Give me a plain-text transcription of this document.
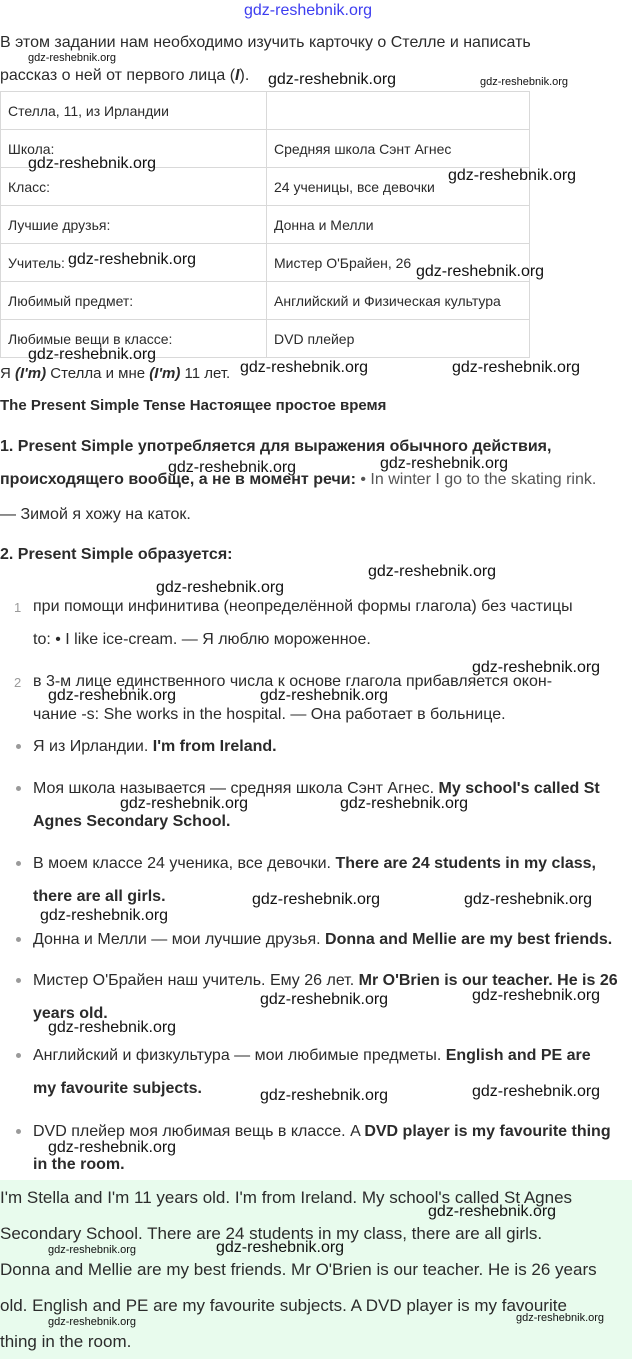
gdz-reshebnik.org
В этом задании нам необходимо изучить карточку о Стелле и написать
рассказ о ней от первого лица (I).
Стелла, 11, из Ирландии	
Школа:	Средняя школа Сэнт Агнес
Класс:	24 ученицы, все девочки
Лучшие друзья:	Донна и Мелли
Учитель:	Мистер О'Брайен, 26
Любимый предмет:	Английский и Физическая культура
Любимые вещи в классе:	DVD плейер
Я (I'm) Стелла и мне (I'm) 11 лет.
The Present Simple Tense Настоящее простое время
1. Present Simple употребляется для выражения обычного действия,
происходящего вообще, а не в момент речи: • In winter I go to the skating rink.
— Зимой я хожу на каток.
2. Present Simple образуется:
1 при помощи инфинитива (неопределённой формы глагола) без частицы
to: • I like ice-cream. — Я люблю мороженное.
2 в 3-м лице единственного числа к основе глагола прибавляется окон-
чание -s: She works in the hospital. — Она работает в больнице.
Я из Ирландии. I'm from Ireland.
Моя школа называется — средняя школа Сэнт Агнес. My school's called St
Agnes Secondary School.
В моем классе 24 ученика, все девочки. There are 24 students in my class,
there are all girls.
Донна и Мелли — мои лучшие друзья. Donna and Mellie are my best friends.
Мистер О'Брайен наш учитель. Ему 26 лет. Mr O'Brien is our teacher. He is 26
years old.
Английский и физкультура — мои любимые предметы. English and PE are
my favourite subjects.
DVD плейер моя любимая вещь в классе. A DVD player is my favourite thing
in the room.
I'm Stella and I'm 11 years old. I'm from Ireland. My school's called St Agnes
Secondary School. There are 24 students in my class, there are all girls.
Donna and Mellie are my best friends. Mr O'Brien is our teacher. He is 26 years
old. English and PE are my favourite subjects. A DVD player is my favourite
thing in the room.
gdz-reshebnik.org
gdz-reshebnik.org	gdz-reshebnik.org
gdz-reshebnik.org
gdz-reshebnik.org
gdz-reshebnik.org
gdz-reshebnik.org
gdz-reshebnik.org
gdz-reshebnik.org	gdz-reshebnik.org
gdz-reshebnik.org	gdz-reshebnik.org
gdz-reshebnik.org
gdz-reshebnik.org
gdz-reshebnik.org
gdz-reshebnik.org	gdz-reshebnik.org
gdz-reshebnik.org	gdz-reshebnik.org
gdz-reshebnik.org	gdz-reshebnik.org
gdz-reshebnik.org
gdz-reshebnik.org	gdz-reshebnik.org
gdz-reshebnik.org
gdz-reshebnik.org	gdz-reshebnik.org
gdz-reshebnik.org
gdz-reshebnik.org
gdz-reshebnik.org
gdz-reshebnik.org
gdz-reshebnik.org	gdz-reshebnik.org
